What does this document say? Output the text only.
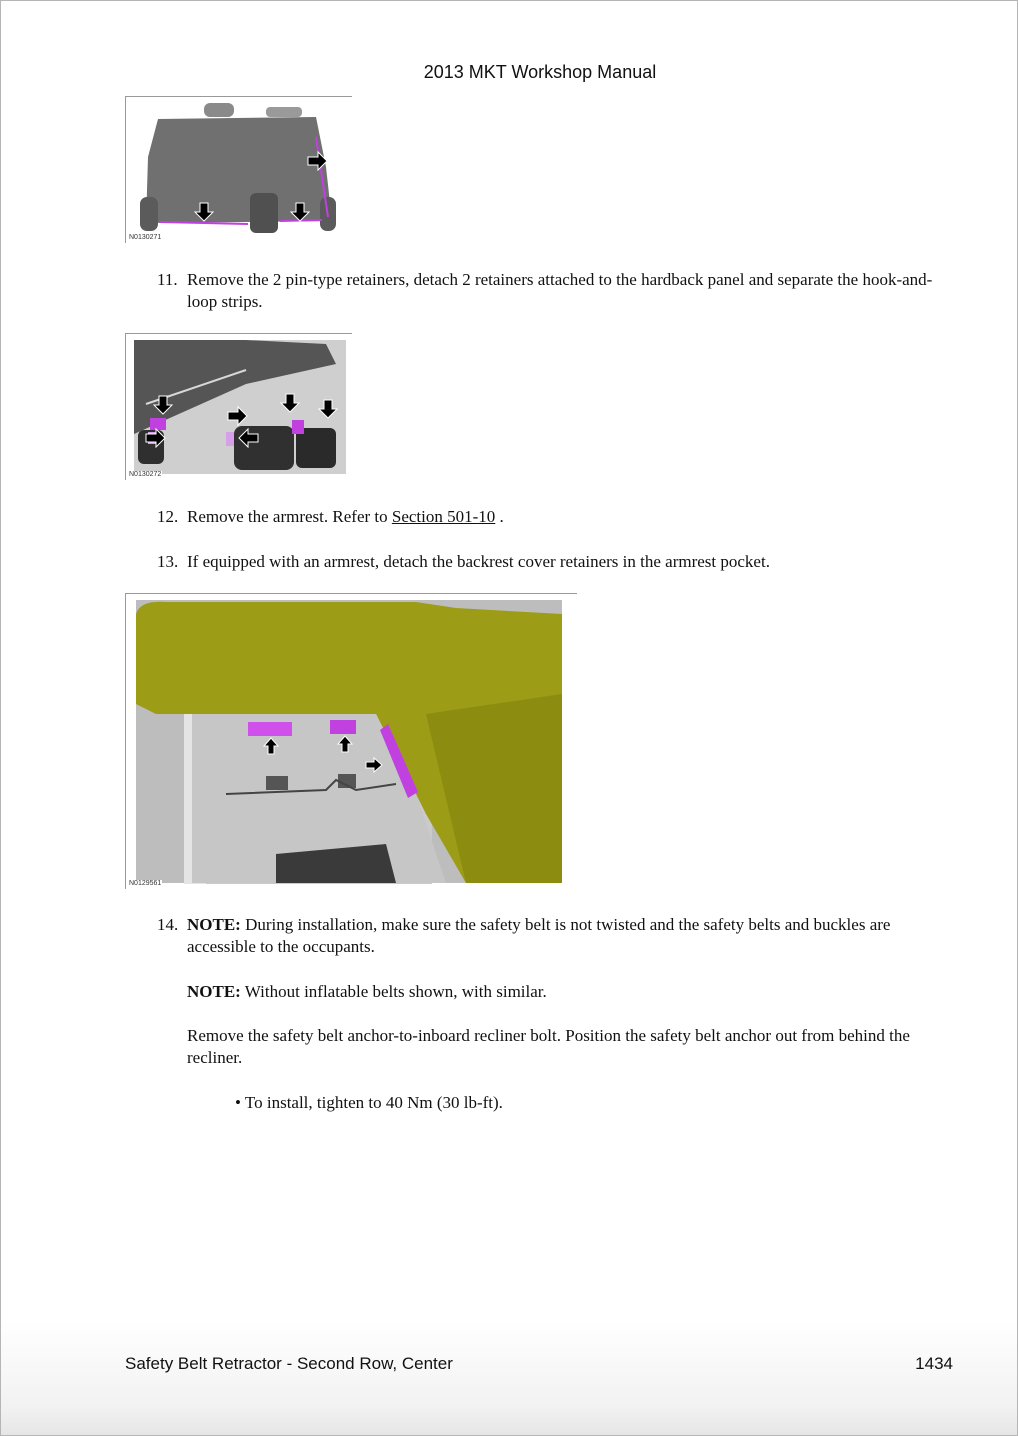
2013 MKT Workshop Manual
N0130271
11. Remove the 2 pin-type retainers, detach 2 retainers attached to the hardback panel and separate the hook-and-loop strips.
N0130272
12. Remove the armrest. Refer to Section 501-10 .
13. If equipped with an armrest, detach the backrest cover retainers in the armrest pocket.
N0129561
14. NOTE: During installation, make sure the safety belt is not twisted and the safety belts and buckles are accessible to the occupants.
NOTE: Without inflatable belts shown, with similar.
Remove the safety belt anchor-to-inboard recliner bolt. Position the safety belt anchor out from behind the recliner.
• To install, tighten to 40 Nm (30 lb-ft).
Safety Belt Retractor - Second Row, Center	1434
